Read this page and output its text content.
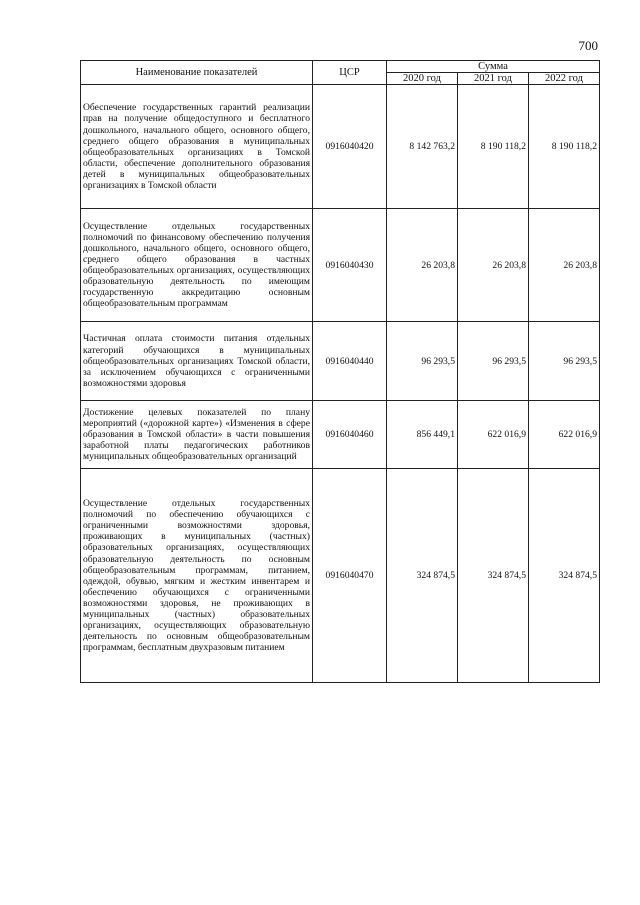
700
Наименование показателей	ЦСР	Сумма		
		2020 год	2021 год	2022 год
Обеспечение государственных гарантий реализации прав на получение общедоступного и бесплатного дошкольного, начального общего, основного общего, среднего общего образования в муниципальных общеобразовательных организациях в Томской области, обеспечение дополнительного образования детей в муниципальных общеобразовательных организациях в Томской области	0916040420	8 142 763,2	8 190 118,2	8 190 118,2
Осуществление отдельных государственных полномочий по финансовому обеспечению получения дошкольного, начального общего, основного общего, среднего общего образования в частных общеобразовательных организациях, осуществляющих образовательную деятельность по имеющим государственную аккредитацию основным общеобразовательным программам	0916040430	26 203,8	26 203,8	26 203,8
Частичная оплата стоимости питания отдельных категорий обучающихся в муниципальных общеобразовательных организациях Томской области, за исключением обучающихся с ограниченными возможностями здоровья	0916040440	96 293,5	96 293,5	96 293,5
Достижение целевых показателей по плану мероприятий («дорожной карте») «Изменения в сфере образования в Томской области» в части повышения заработной платы педагогических работников муниципальных общеобразовательных организаций	0916040460	856 449,1	622 016,9	622 016,9
Осуществление отдельных государственных полномочий по обеспечению обучающихся с ограниченными возможностями здоровья, проживающих в муниципальных (частных) образовательных организациях, осуществляющих образовательную деятельность по основным общеобразовательным программам, питанием, одеждой, обувью, мягким и жестким инвентарем и обеспечению обучающихся с ограниченными возможностями здоровья, не проживающих в муниципальных (частных) образовательных организациях, осуществляющих образовательную деятельность по основным общеобразовательным программам, бесплатным двухразовым питанием	0916040470	324 874,5	324 874,5	324 874,5
